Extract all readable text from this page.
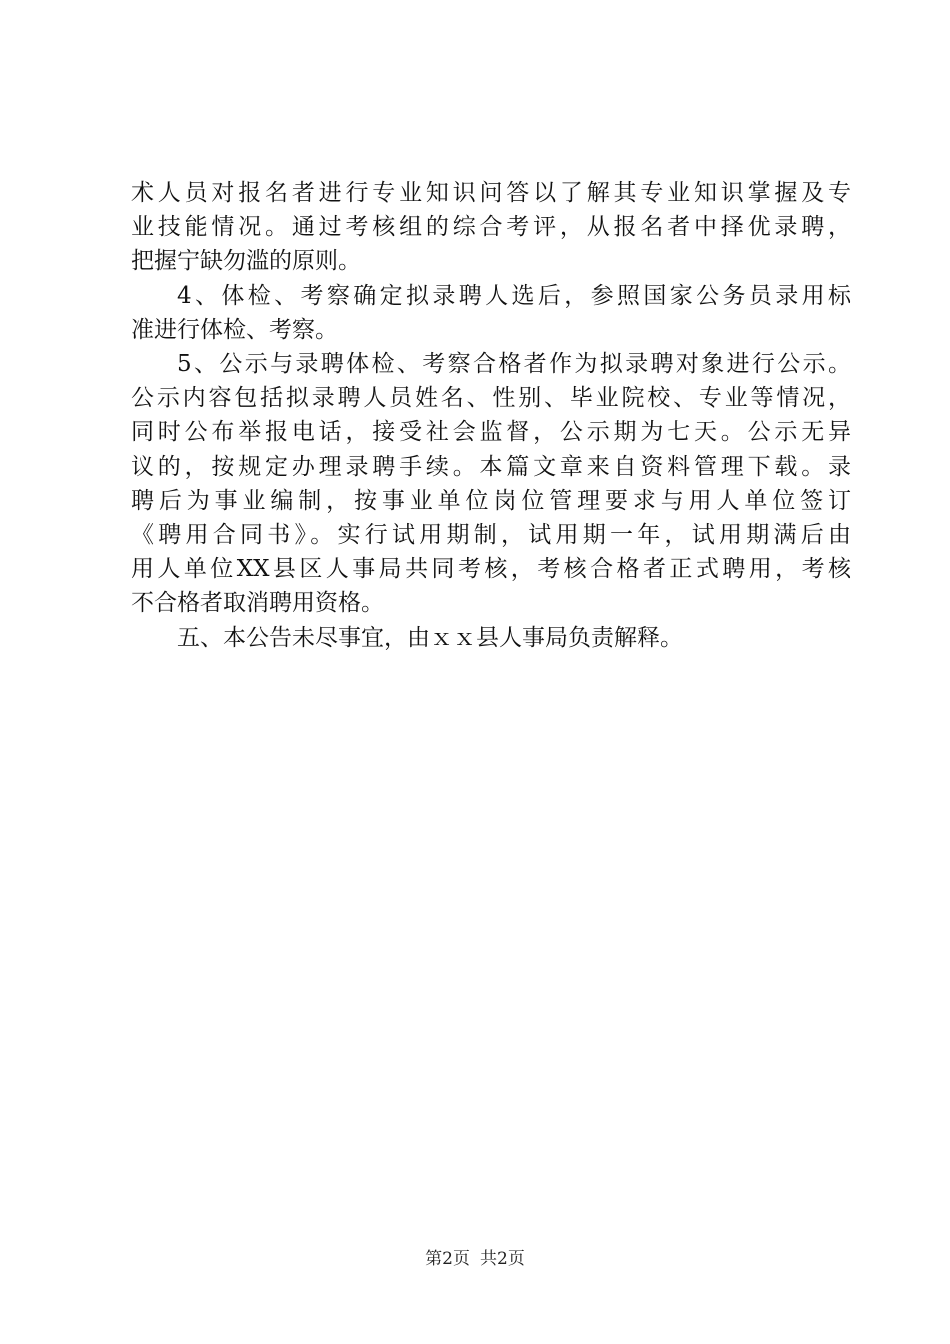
术人员对报名者进行专业知识问答以了解其专业知识掌握及专
业技能情况。通过考核组的综合考评，从报名者中择优录聘，
把握宁缺勿滥的原则。
4、体检、考察确定拟录聘人选后，参照国家公务员录用标
准进行体检、考察。
5、公示与录聘体检、考察合格者作为拟录聘对象进行公示。
公示内容包括拟录聘人员姓名、性别、毕业院校、专业等情况，
同时公布举报电话，接受社会监督，公示期为七天。公示无异
议的，按规定办理录聘手续。本篇文章来自资料管理下载。录
聘后为事业编制，按事业单位岗位管理要求与用人单位签订
《聘用合同书》。实行试用期制，试用期一年，试用期满后由
用人单位XX县区人事局共同考核，考核合格者正式聘用，考核
不合格者取消聘用资格。
五、本公告未尽事宜，由ｘｘ县人事局负责解释。
第2页 共2页
